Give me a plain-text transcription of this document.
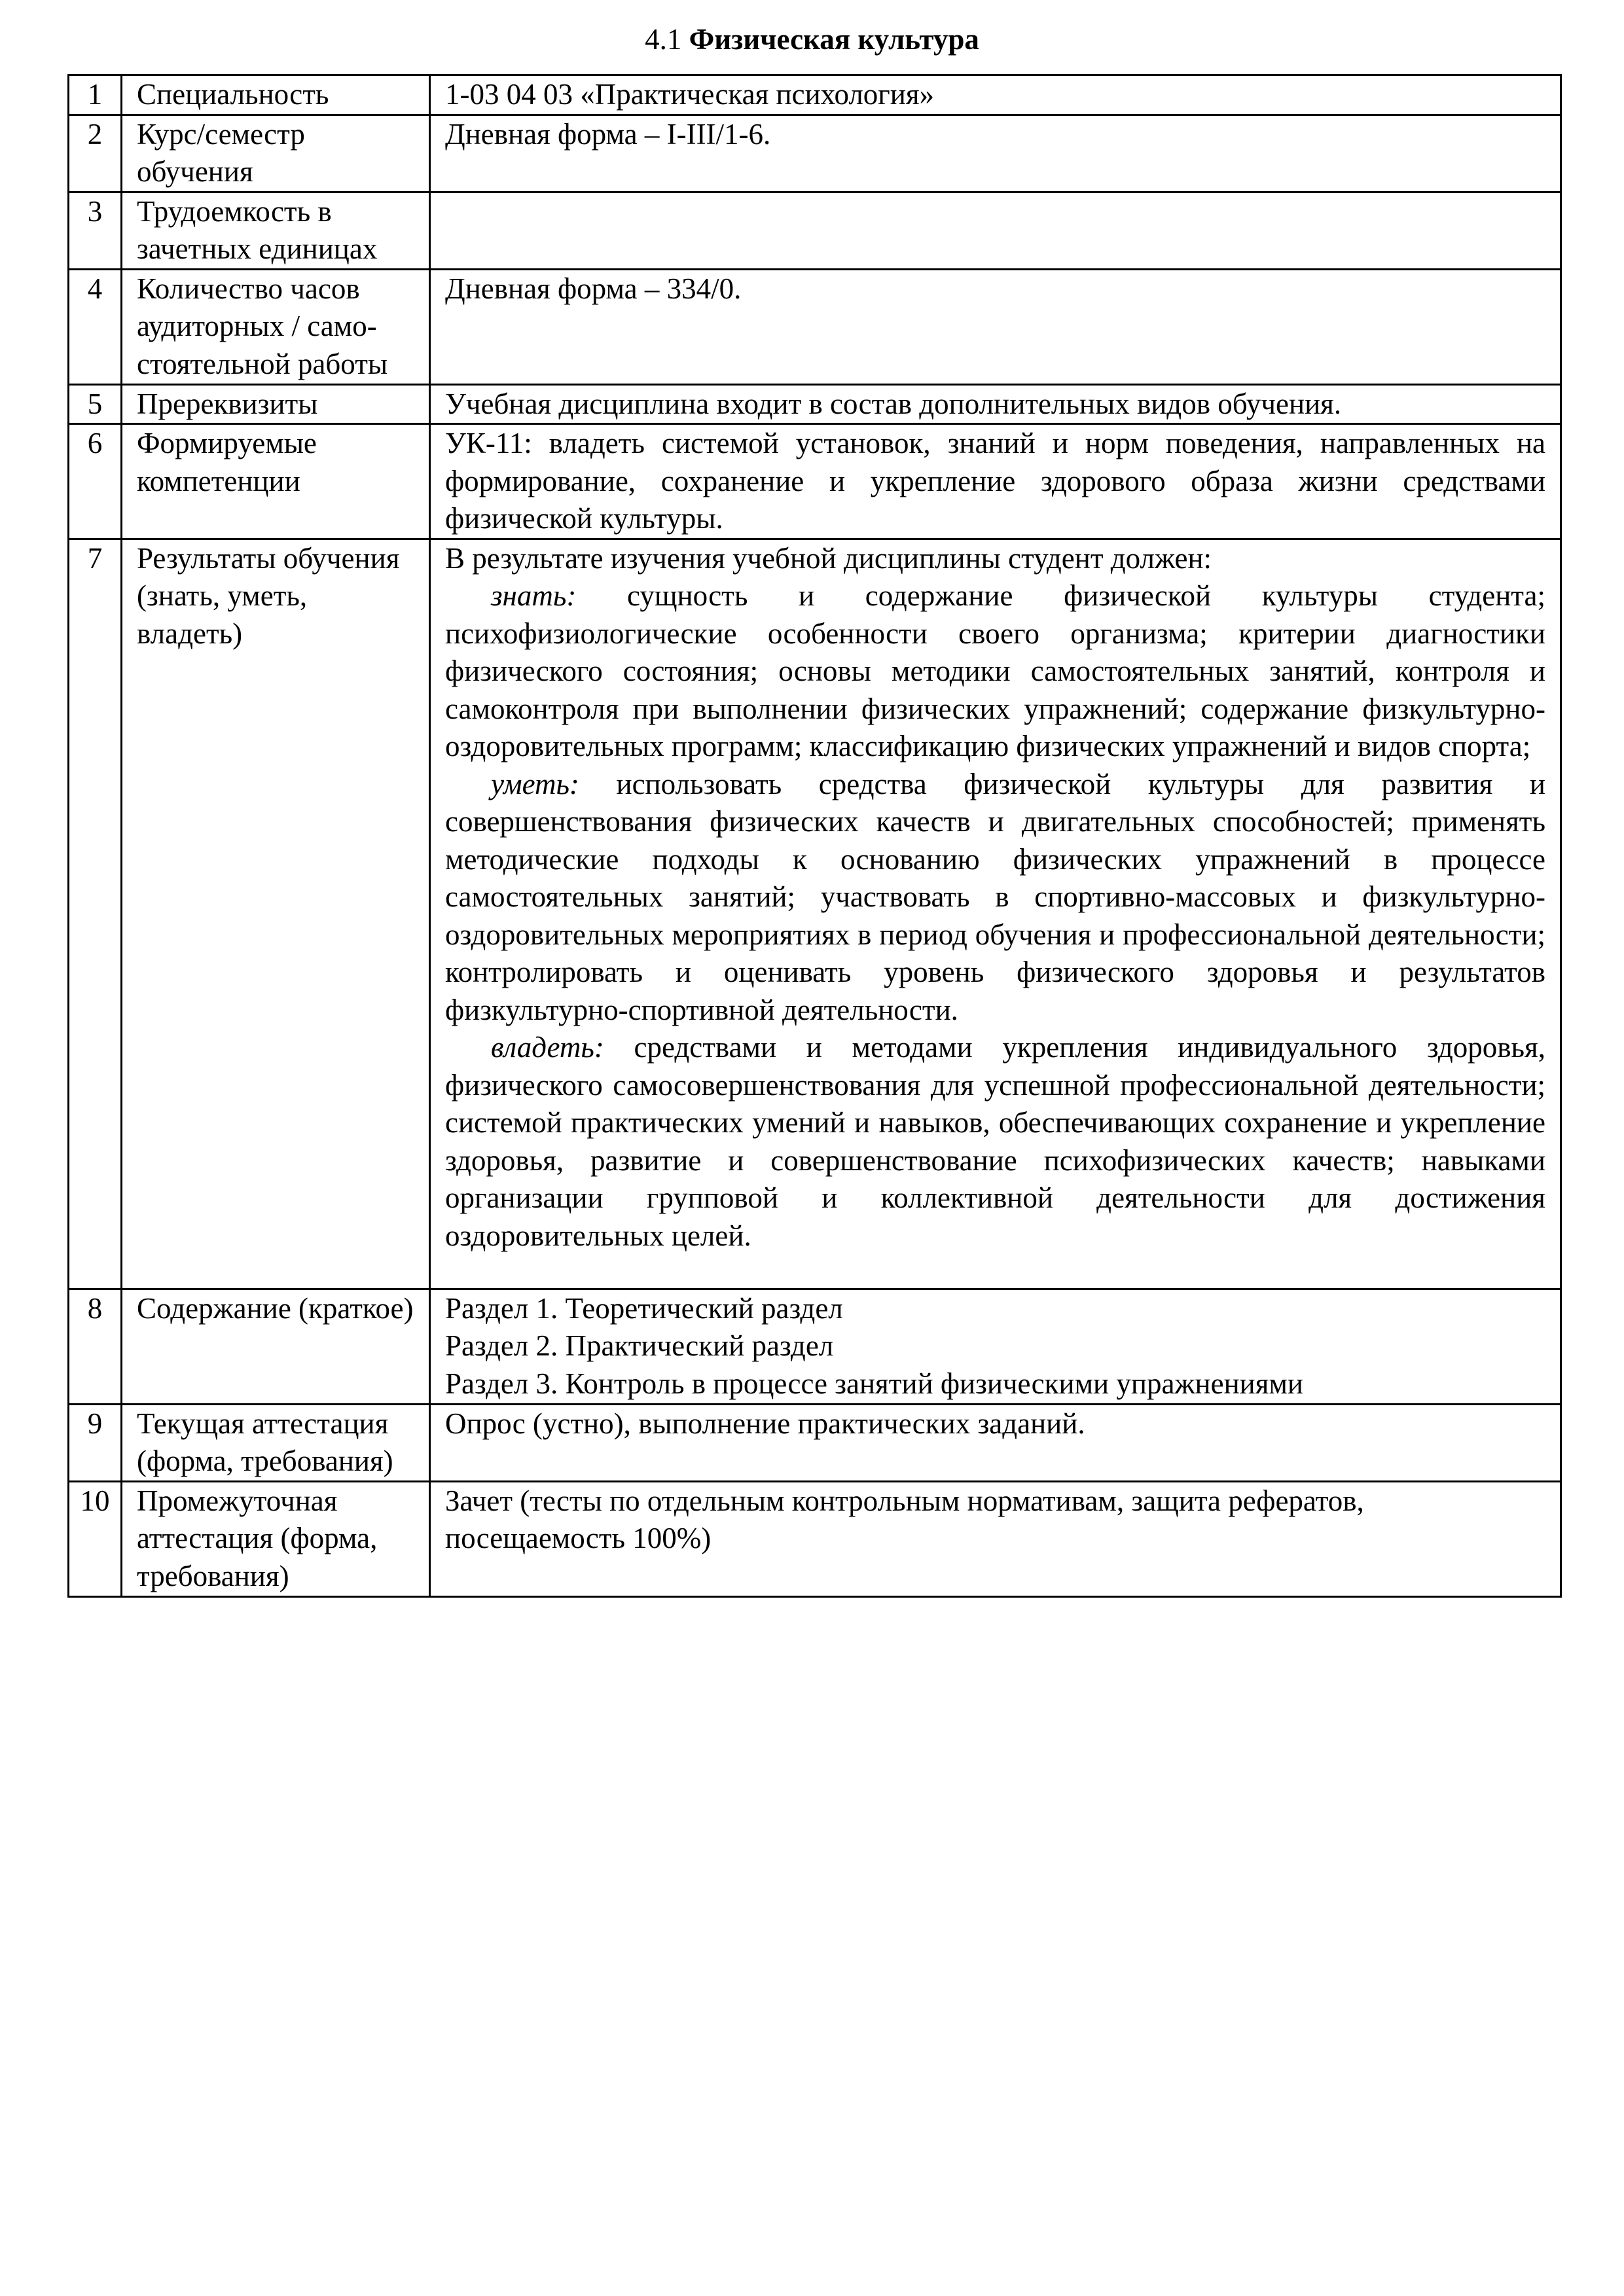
4.1 Физическая культура
1	Специальность	1-03 04 03 «Практическая психология»
2	Курс/семестр обучения	Дневная форма – I-III/1-6.
3	Трудоемкость в зачетных единицах	
4	Количество часов аудиторных / самостоятельной работы	Дневная форма – 334/0.
5	Пререквизиты	Учебная дисциплина входит в состав дополнительных видов обучения.
6	Формируемые компетенции	УК-11: владеть системой установок, знаний и норм поведения, направленных на формирование, сохранение и укрепление здорового образа жизни средствами физической культуры.
7	Результаты обучения (знать, уметь, владеть)	В результате изучения учебной дисциплины студент должен:

знать: сущность и содержание физической культуры студента; психофизиологические особенности своего организма; критерии диагностики физического состояния; основы методики самостоятельных занятий, контроля и самоконтроля при выполнении физических упражнений; содержание физкультурно-оздоровительных программ; классификацию физических упражнений и видов спорта;

уметь: использовать средства физической культуры для развития и совершенствования физических качеств и двигательных способностей; применять методические подходы к основанию физических упражнений в процессе самостоятельных занятий; участвовать в спортивно-массовых и физкультурно-оздоровительных мероприятиях в период обучения и профессиональной деятельности; контролировать и оценивать уровень физического здоровья и результатов физкультурно-спортивной деятельности.

владеть: средствами и методами укрепления индивидуального здоровья, физического самосовершенствования для успешной профессиональной деятельности; системой практических умений и навыков, обеспечивающих сохранение и укрепление здоровья, развитие и совершенствование психофизических качеств; навыками организации групповой и коллективной деятельности для достижения оздоровительных целей.

8	Содержание (краткое)	Раздел 1. Теоретический раздел
Раздел 2. Практический раздел
Раздел 3. Контроль в процессе занятий физическими упражнениями

9	Текущая аттестация (форма, требования)	Опрос (устно), выполнение практических заданий.
10	Промежуточная аттестация (форма, требования)	Зачет (тесты по отдельным контрольным нормативам, защита рефератов, посещаемость 100%)
